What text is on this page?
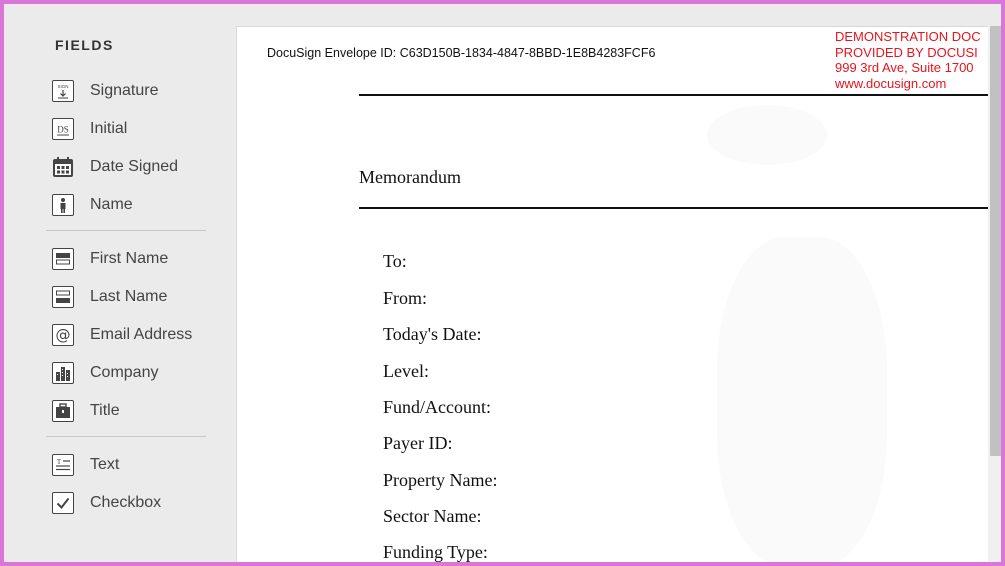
FIELDS
SIGN Signature
DS Initial
Date Signed
Name
First Name
Last Name
@ Email Address
Company
Title
T Text
Checkbox
DocuSign Envelope ID: C63D150B-1834-4847-8BBD-1E8B4283FCF6
DEMONSTRATION DOC
PROVIDED BY DOCUSI
999 3rd Ave, Suite 1700
www.docusign.com
Memorandum
To:
From:
Today's Date:
Level:
Fund/Account:
Payer ID:
Property Name:
Sector Name:
Funding Type:
